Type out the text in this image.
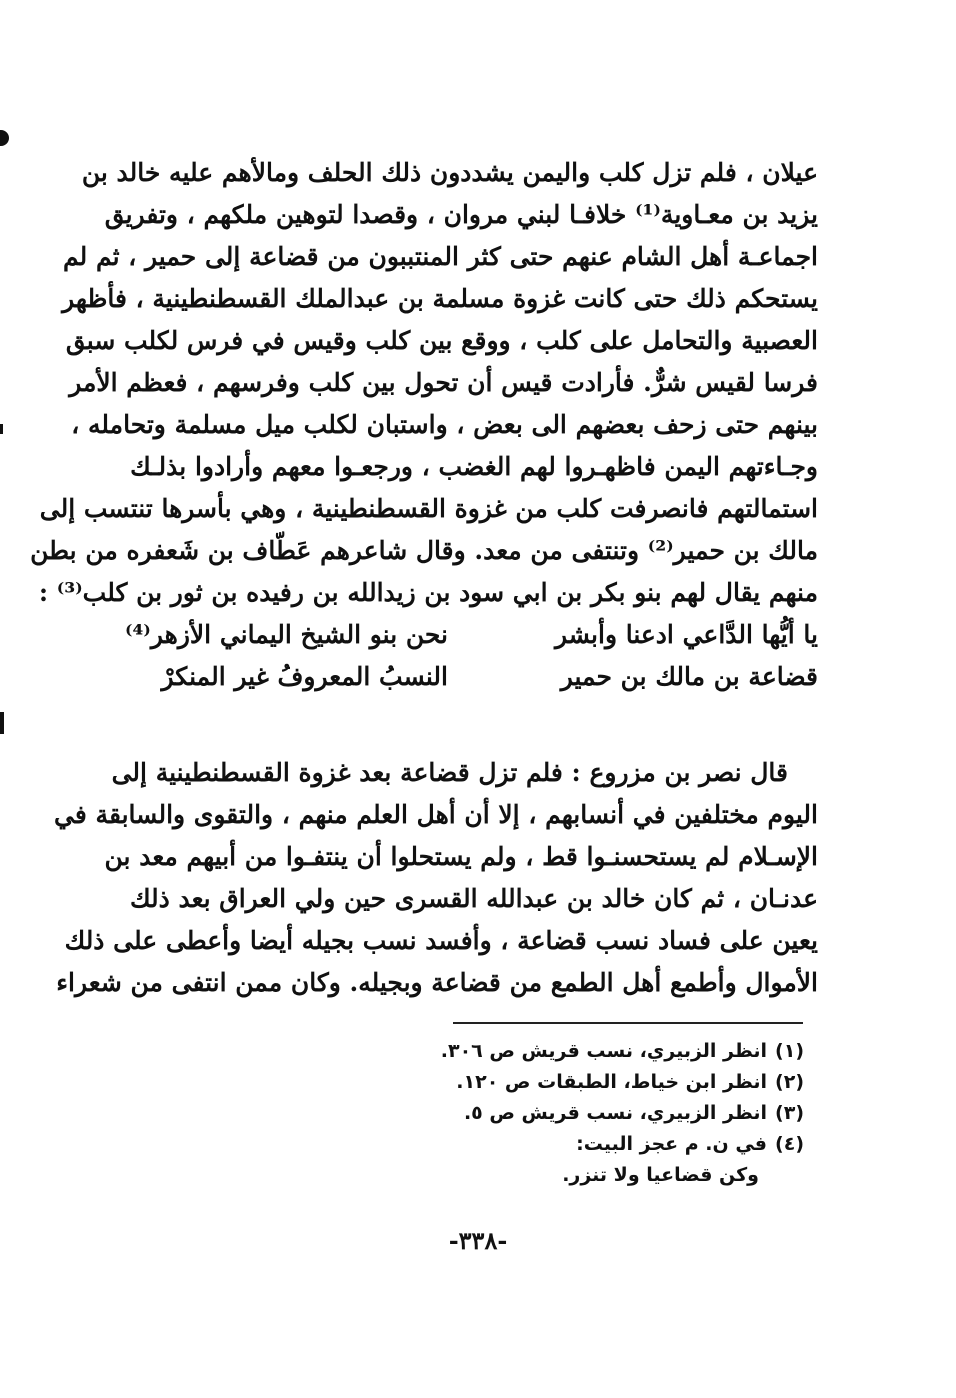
عيلان ، فلم تزل كلب واليمن يشددون ذلك الحلف ومالأهم عليه خالد بن
يزيد بن معـاوية⁽¹⁾ خلافـا لبني مروان ، وقصدا لتوهين ملكهم ، وتفريق
اجماعـة أهل الشام عنهم حتى كثر المنتببون من قضاعة إلى حمير ، ثم لم
يستحكم ذلك حتى كانت غزوة مسلمة بن عبدالملك القسطنطينية ، فأظهر
العصبية والتحامل على كلب ، ووقع بين كلب وقيس في فرس لكلب سبق
فرسا لقيس شرٌّ. فأرادت قيس أن تحول بين كلب وفرسهم ، فعظم الأمر
بينهم حتى زحف بعضهم الى بعض ، واستبان لكلب ميل مسلمة وتحامله ،
وجـاءتهم اليمن فاظهـروا لهم الغضب ، ورجعـوا معهم وأرادوا بذلـك
استمالتهم فانصرفت كلب من غزوة القسطنطينية ، وهي بأسرها تنتسب إلى
مالك بن حمير⁽²⁾ وتنتفى من معد. وقال شاعرهم عَطّاف بن شَعفره من بطن
منهم يقال لهم بنو بكر بن ابي سود بن زيدالله بن رفيده بن ثور بن كلب⁽³⁾ :
يا أيُّها الدَّاعي ادعنا وأبشر
نحن بنو الشيخ اليماني الأزهر⁽⁴⁾
قضاعة بن مالك بن حمير
النسبُ المعروفُ غير المنكرْ
قال نصر بن مزروع : فلم تزل قضاعة بعد غزوة القسطنطينية إلى
اليوم مختلفين في أنسابهم ، إلا أن أهل العلم منهم ، والتقوى والسابقة في
الإسـلام لم يستحسنـوا قط ، ولم يستحلوا أن ينتفـوا من أبيهم معد بن
عدنـان ، ثم كان خالد بن عبدالله القسرى حين ولي العراق بعد ذلك
يعين على فساد نسب قضاعة ، وأفسد نسب بجيله أيضا وأعطى على ذلك
الأموال وأطمع أهل الطمع من قضاعة وبجيله. وكان ممن انتفى من شعراء
(١)انظر الزبيري، نسب قريش ص ٣٠٦.
(٢)انظر ابن خياط، الطبقات ص ١٢٠.
(٣)انظر الزبيري، نسب قريش ص ٥.
(٤)في ن. م عجز البيت:
وكن قضاعيا ولا تنزر.
-٣٣٨-
